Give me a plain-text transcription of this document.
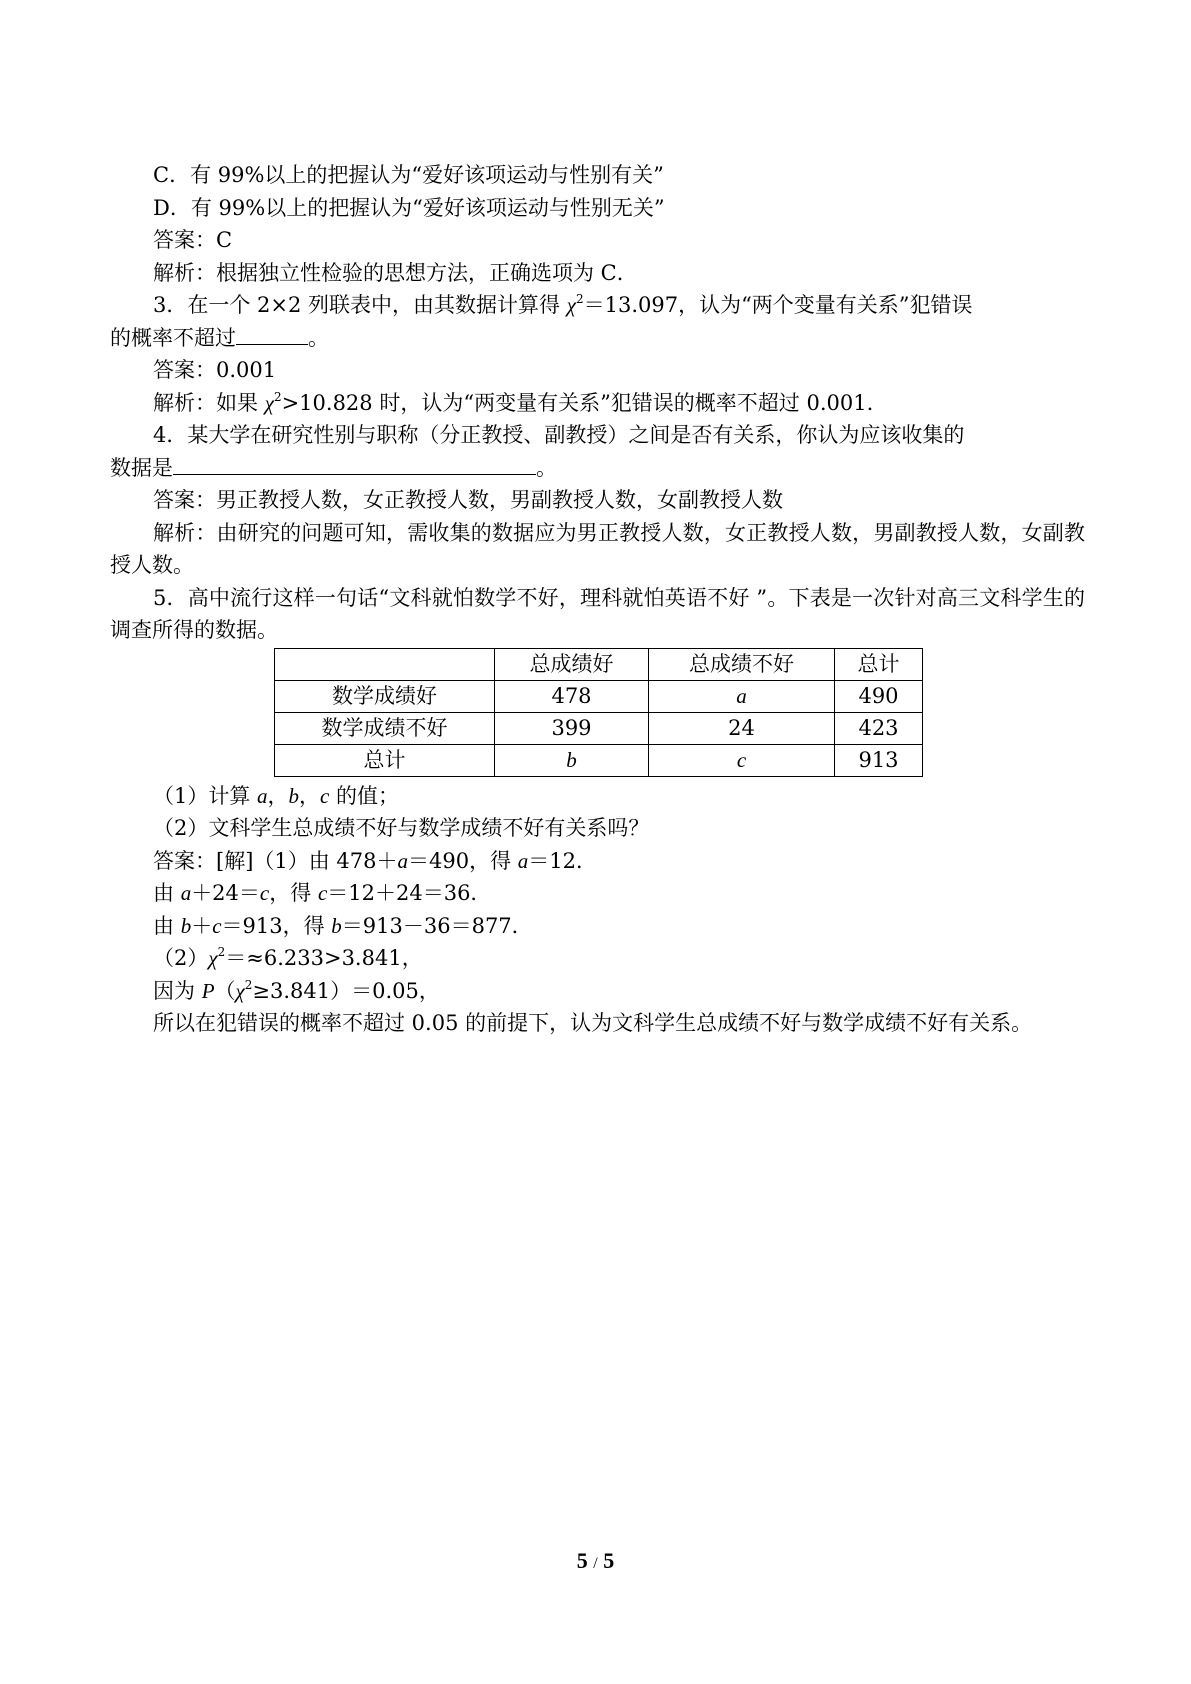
C．有 99%以上的把握认为“爱好该项运动与性别有关”
D．有 99%以上的把握认为“爱好该项运动与性别无关”
答案：C
解析：根据独立性检验的思想方法，正确选项为 C．
3．在一个 2×2 列联表中，由其数据计算得 $\chi^2=13.097$，认为“两个变量有关系”犯错误
的概率不超过	。
答案：0.001
解析：如果 $\chi^2>10.828$ 时，认为“两变量有关系”犯错误的概率不超过 0.001.
4．某大学在研究性别与职称（分正教授、副教授）之间是否有关系，你认为应该收集的
数据是	。
答案：男正教授人数，女正教授人数，男副教授人数，女副教授人数
解析：由研究的问题可知，需收集的数据应为男正教授人数，女正教授人数，男副教授人数，女副教授人数。
5．高中流行这样一句话“文科就怕数学不好，理科就怕英语不好 ”。下表是一次针对高三文科学生的调查所得的数据。
	总成绩好	总成绩不好	总计
数学成绩好	478	a	490
数学成绩不好	399	24	423
总计	b	c	913
（1）计算 a，b，c 的值；
（2）文科学生总成绩不好与数学成绩不好有关系吗？
答案：[解]（1）由 478＋a＝490，得 a＝12．
由 a＋24＝c，得 c＝12＋24＝36．
由 b＋c＝913，得 b＝913－36＝877．
$(2)\chi^2=\approx 6.233>3.841$，
因为 $P(\chi^2\ge 3.841)=0.05$，
所以在犯错误的概率不超过 0.05 的前提下，认为文科学生总成绩不好与数学成绩不好有关系。
5 / 5
